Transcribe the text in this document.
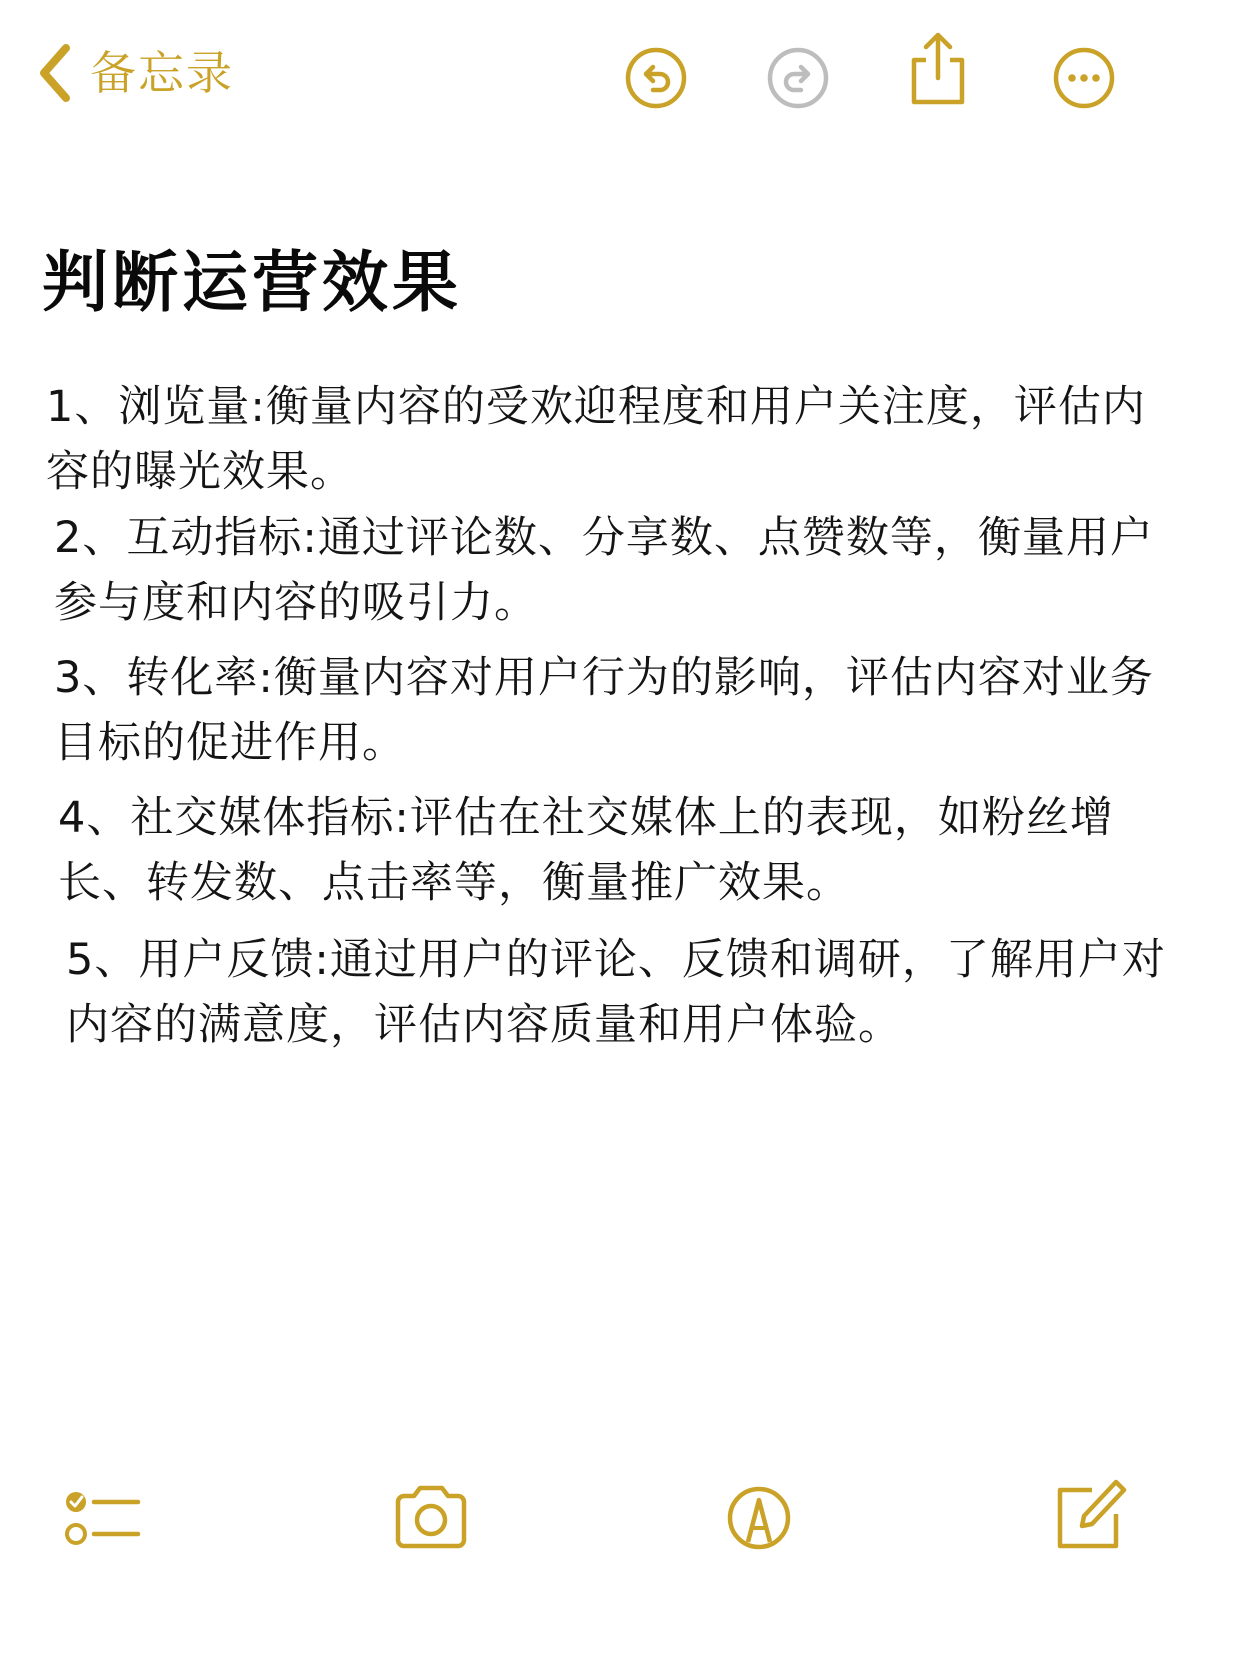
备忘录
判断运营效果

1、浏览量:衡量内容的受欢迎程度和用户关注度，评估内容的曝光效果。

2、互动指标:通过评论数、分享数、点赞数等，衡量用户参与度和内容的吸引力。

3、转化率:衡量内容对用户行为的影响，评估内容对业务目标的促进作用。

4、社交媒体指标:评估在社交媒体上的表现，如粉丝增长、转发数、点击率等，衡量推广效果。

5、用户反馈:通过用户的评论、反馈和调研，了解用户对内容的满意度，评估内容质量和用户体验。
